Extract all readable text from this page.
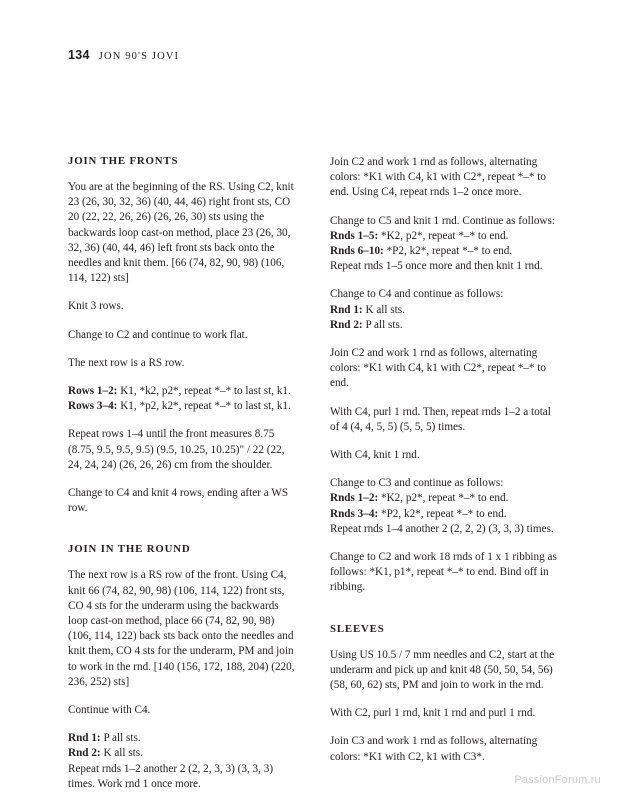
134 JON 90'S JOVI
JOIN THE FRONTS

You are at the beginning of the RS. Using C2, knit 23 (26, 30, 32, 36) (40, 44, 46) right front sts, CO 20 (22, 22, 26, 26) (26, 26, 30) sts using the backwards loop cast-on method, place 23 (26, 30, 32, 36) (40, 44, 46) left front sts back onto the needles and knit them. [66 (74, 82, 90, 98) (106, 114, 122) sts]

Knit 3 rows.

Change to C2 and continue to work flat.

The next row is a RS row.

Rows 1–2: K1, *k2, p2*, repeat *–* to last st, k1.

Rows 3–4: K1, *p2, k2*, repeat *–* to last st, k1.

Repeat rows 1–4 until the front measures 8.75 (8.75, 9.5, 9.5, 9.5) (9.5, 10.25, 10.25)" / 22 (22, 24, 24, 24) (26, 26, 26) cm from the shoulder.

Change to C4 and knit 4 rows, ending after a WS row.

JOIN IN THE ROUND

The next row is a RS row of the front. Using C4, knit 66 (74, 82, 90, 98) (106, 114, 122) front sts, CO 4 sts for the underarm using the backwards loop cast-on method, place 66 (74, 82, 90, 98) (106, 114, 122) back sts back onto the needles and knit them, CO 4 sts for the underarm, PM and join to work in the rnd. [140 (156, 172, 188, 204) (220, 236, 252) sts]

Continue with C4.

Rnd 1: P all sts.

Rnd 2: K all sts.

Repeat rnds 1–2 another 2 (2, 2, 3, 3) (3, 3, 3) times. Work rnd 1 once more.

Join C2 and work 1 rnd as follows, alternating colors: *K1 with C4, k1 with C2*, repeat *–* to end. Using C4, repeat rnds 1–2 once more.

Change to C5 and knit 1 rnd. Continue as follows:

Rnds 1–5: *K2, p2*, repeat *–* to end.

Rnds 6–10: *P2, k2*, repeat *–* to end.

Repeat rnds 1–5 once more and then knit 1 rnd.

Change to C4 and continue as follows:

Rnd 1: K all sts.

Rnd 2: P all sts.

Join C2 and work 1 rnd as follows, alternating colors: *K1 with C4, k1 with C2*, repeat *–* to end.

With C4, purl 1 rnd. Then, repeat rnds 1–2 a total of 4 (4, 4, 5, 5) (5, 5, 5) times.

With C4, knit 1 rnd.

Change to C3 and continue as follows:

Rnds 1–2: *K2, p2*, repeat *–* to end.

Rnds 3–4: *P2, k2*, repeat *–* to end.

Repeat rnds 1–4 another 2 (2, 2, 2) (3, 3, 3) times.

Change to C2 and work 18 rnds of 1 x 1 ribbing as follows: *K1, p1*, repeat *–* to end. Bind off in ribbing.

SLEEVES

Using US 10.5 / 7 mm needles and C2, start at the underarm and pick up and knit 48 (50, 50, 54, 56) (58, 60, 62) sts, PM and join to work in the rnd.

With C2, purl 1 rnd, knit 1 rnd and purl 1 rnd.

Join C3 and work 1 rnd as follows, alternating colors: *K1 with C2, k1 with C3*.

PassionForum.ru
